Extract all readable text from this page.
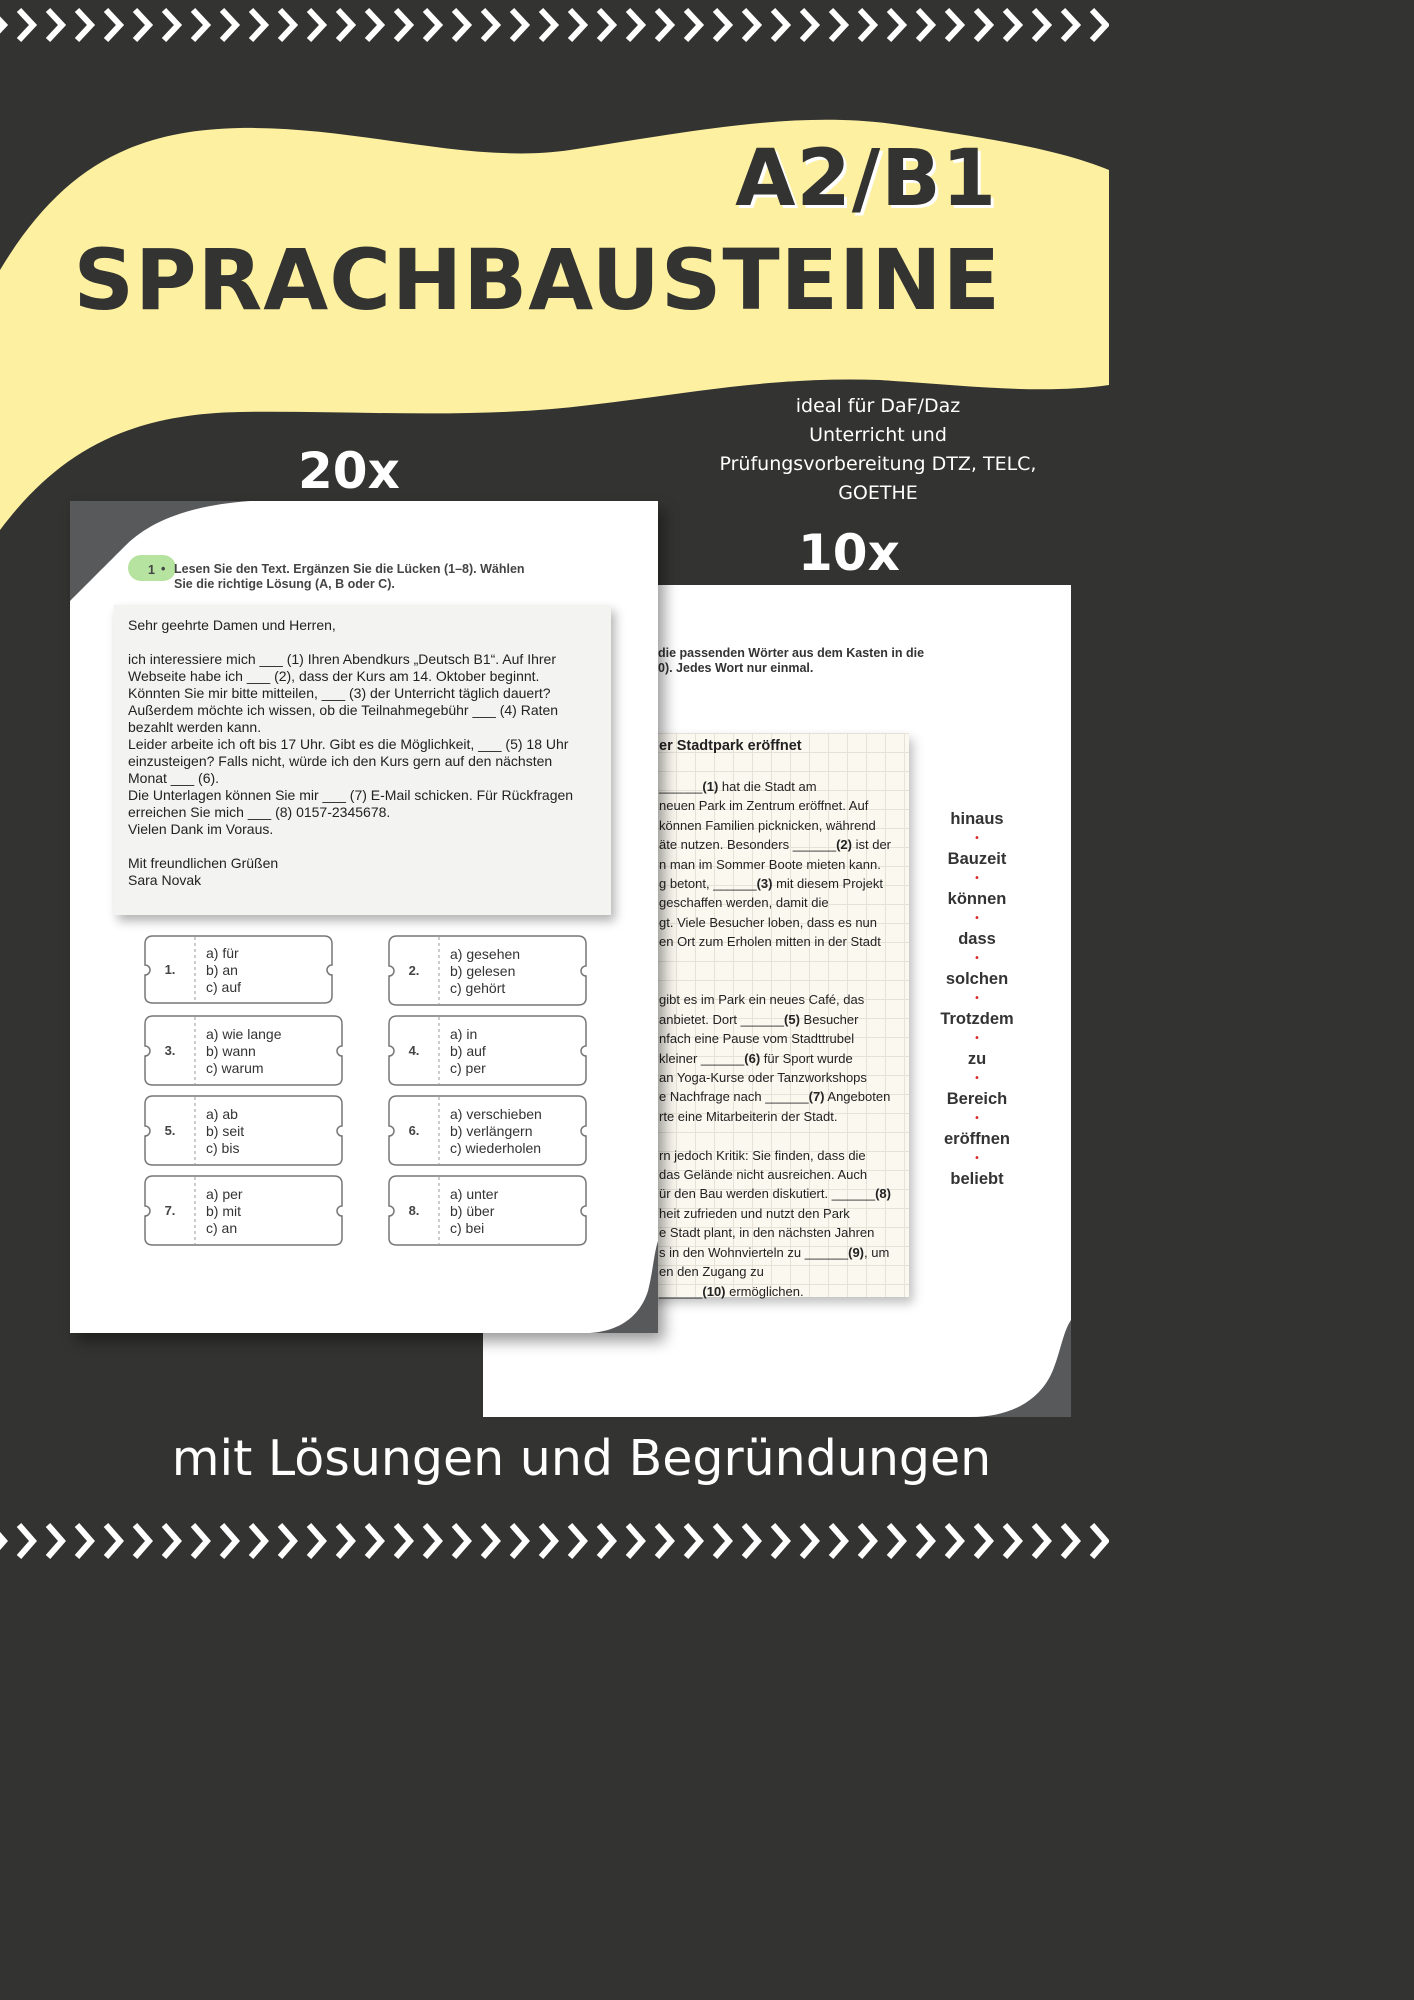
A2/B1
SPRACHBAUSTEINE
ideal für DaF/Daz
Unterricht und
Prüfungsvorbereitung DTZ, TELC, GOETHE
20x
10x
die passenden Wörter aus dem Kasten in die
0). Jedes Wort nur einmal.
er Stadtpark eröffnet
______(1) hat die Stadt am
neuen Park im Zentrum eröffnet. Auf
können Familien picknicken, während
äte nutzen. Besonders ______(2) ist der
n man im Sommer Boote mieten kann.
g betont, ______(3) mit diesem Projekt
geschaffen werden, damit die
gt. Viele Besucher loben, dass es nun
en Ort zum Erholen mitten in der Stadt
gibt es im Park ein neues Café, das
anbietet. Dort ______(5) Besucher
nfach eine Pause vom Stadttrubel
kleiner ______(6) für Sport wurde
an Yoga-Kurse oder Tanzworkshops
e Nachfrage nach ______(7) Angeboten
rte eine Mitarbeiterin der Stadt.
rn jedoch Kritik: Sie finden, dass die
das Gelände nicht ausreichen. Auch
ür den Bau werden diskutiert. ______(8)
heit zufrieden und nutzt den Park
e Stadt plant, in den nächsten Jahren
s in den Wohnvierteln zu ______(9), um
en den Zugang zu
______(10) ermöglichen.
hinaus
•
Bauzeit
•
können
•
dass
•
solchen
•
Trotzdem
•
zu
•
Bereich
•
eröffnen
•
beliebt
1 • Lesen Sie den Text. Ergänzen Sie die Lücken (1–8). Wählen
Sie die richtige Lösung (A, B oder C).
Sehr geehrte Damen und Herren,
ich interessiere mich ___ (1) Ihren Abendkurs „Deutsch B1“. Auf Ihrer
Webseite habe ich ___ (2), dass der Kurs am 14. Oktober beginnt.
Könnten Sie mir bitte mitteilen, ___ (3) der Unterricht täglich dauert?
Außerdem möchte ich wissen, ob die Teilnahmegebühr ___ (4) Raten
bezahlt werden kann.
Leider arbeite ich oft bis 17 Uhr. Gibt es die Möglichkeit, ___ (5) 18 Uhr
einzusteigen? Falls nicht, würde ich den Kurs gern auf den nächsten
Monat ___ (6).
Die Unterlagen können Sie mir ___ (7) E-Mail schicken. Für Rückfragen
erreichen Sie mich ___ (8) 0157-2345678.
Vielen Dank im Voraus.
Mit freundlichen Grüßen
Sara Novak
1.
a) für
b) an
c) auf
2.
a) gesehen
b) gelesen
c) gehört
3.
a) wie lange
b) wann
c) warum
4.
a) in
b) auf
c) per
5.
a) ab
b) seit
c) bis
6.
a) verschieben
b) verlängern
c) wiederholen
7.
a) per
b) mit
c) an
8.
a) unter
b) über
c) bei
mit Lösungen und Begründungen
